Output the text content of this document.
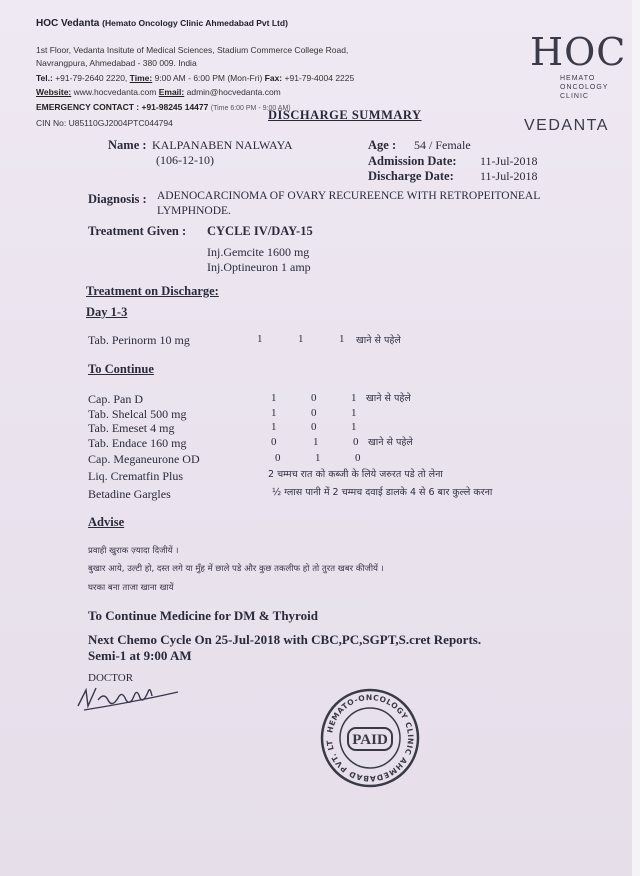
HOC Vedanta (Hemato Oncology Clinic Ahmedabad Pvt Ltd)
1st Floor, Vedanta Insitute of Medical Sciences, Stadium Commerce College Road,
Navrangpura, Ahmedabad - 380 009. India
Tel.: +91-79-2640 2220, Time: 9:00 AM - 6:00 PM (Mon-Fri) Fax: +91-79-4004 2225
Website: www.hocvedanta.com Email: admin@hocvedanta.com
EMERGENCY CONTACT : +91-98245 14477 (Time 6:00 PM - 9:00 AM)
CIN No: U85110GJ2004PTC044794
HOC
HEMATO
ONCOLOGY
CLINIC
VEDANTA
DISCHARGE SUMMARY
Name : KALPANABEN NALWAYA
(106-12-10)
Age : 54 / Female
Admission Date: 11-Jul-2018
Discharge Date: 11-Jul-2018
Diagnosis : ADENOCARCINOMA OF OVARY RECUREENCE WITH RETROPEITONEAL
LYMPHNODE.
Treatment Given : CYCLE IV/DAY-15
Inj.Gemcite 1600 mg
Inj.Optineuron 1 amp
Treatment on Discharge:
Day 1-3
Tab. Perinorm 10 mg	1	1	1 खाने से पहेले
To Continue
Cap. Pan D	1	0	1 खाने से पहेले
Tab. Shelcal 500 mg	1	0	1
Tab. Emeset 4 mg	1	0	1
Tab. Endace 160 mg	0	1	0 खाने से पहेले
Cap. Meganeurone OD	0	1	0
Liq. Crematfin Plus	2 चम्मच रात को कब्जी के लिये जरुरत पडे तो लेना
Betadine Gargles	½ ग्लास पानी में 2 चम्मच दवाई डालके 4 से 6 बार कुल्ले करना
Advise
प्रवाही खुराक ज़्यादा दिजीयें ।
बुखार आये, उल्टी हो, दस्त लगे या मुँह में छाले पडे और कुछ तकलीफ हो तो तुरत खबर कीजीयें ।
घरका बना ताजा खाना खायें
To Continue Medicine for DM & Thyroid
Next Chemo Cycle On 25-Jul-2018 with CBC,PC,SGPT,S.cret Reports.
Semi-1 at 9:00 AM
DOCTOR
HEMATO-ONCOLOGY CLINIC AHMEDABAD PVT. LT	PAID
